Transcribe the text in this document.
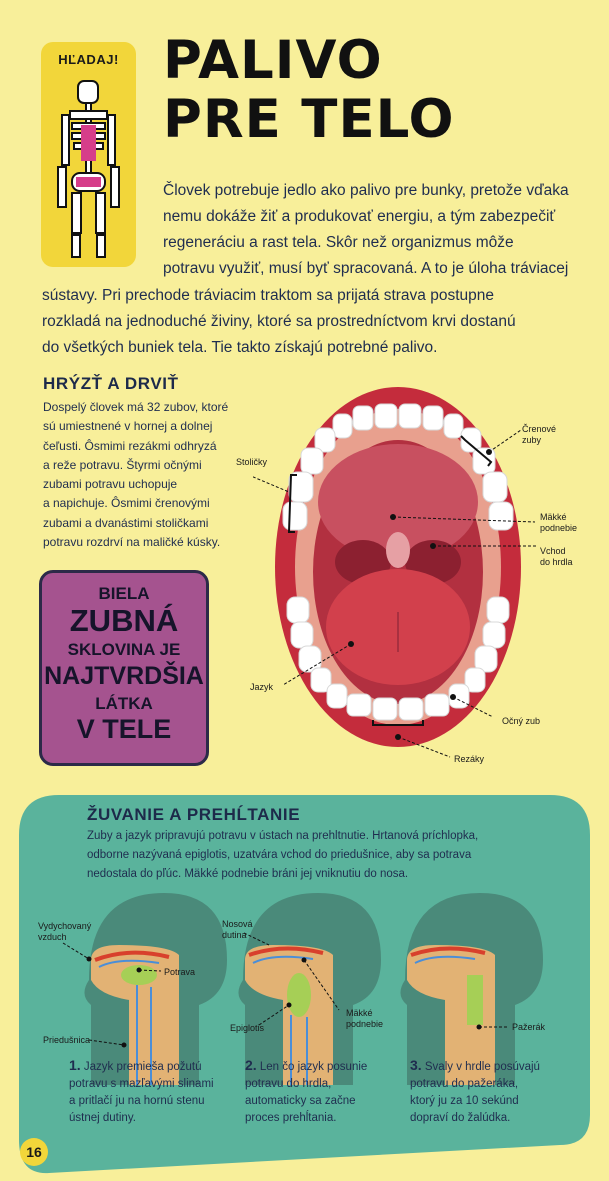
HĽADAJ! PALIVO
PRE TELO
Človek potrebuje jedlo ako palivo pre bunky, pretože vďaka
nemu dokáže žiť a produkovať energiu, a tým zabezpečiť
regeneráciu a rast tela. Skôr než organizmus môže
potravu využiť, musí byť spracovaná. A to je úloha tráviacej
sústavy. Pri prechode tráviacim traktom sa prijatá strava postupne
rozkladá na jednoduché živiny, ktoré sa prostredníctvom krvi dostanú
do všetkých buniek tela. Tie takto získajú potrebné palivo.
HRÝZŤ A DRVIŤ
Dospelý človek má 32 zubov, ktoré
sú umiestnené v hornej a dolnej
čeľusti. Ôsmimi rezákmi odhryzá
a reže potravu. Štyrmi očnými
zubami potravu uchopuje
a napichuje. Ôsmimi črenovými
zubami a dvanástimi stoličkami
potravu rozdrví na maličké kúsky.
BIELA
ZUBNÁ
SKLOVINA JE
NAJTVRDŠIA
LÁTKA
V TELE
Stoličky
Črenové
zuby
Mäkké
podnebie
Vchod
do hrdla
Jazyk
Očný zub
Rezáky
ŽUVANIE A PREHĹTANIE
Zuby a jazyk pripravujú potravu v ústach na prehltnutie. Hrtanová príchlopka,
odborne nazývaná epiglotis, uzatvára vchod do priedušnice, aby sa potrava
nedostala do pľúc. Mäkké podnebie bráni jej vniknutiu do nosa.
Vydychovaný
vzduch
Potrava
Priedušnica
Nosová
dutina
Epiglotis
Mäkké
podnebie	Pažerák
1. Jazyk premieša požutú
potravu s mazľavými slinami
a pritlačí ju na hornú stenu
ústnej dutiny.
2. Len čo jazyk posunie
potravu do hrdla,
automaticky sa začne
proces prehĺtania.
3. Svaly v hrdle posúvajú
potravu do pažeráka,
ktorý ju za 10 sekúnd
dopraví do žalúdka.
16
